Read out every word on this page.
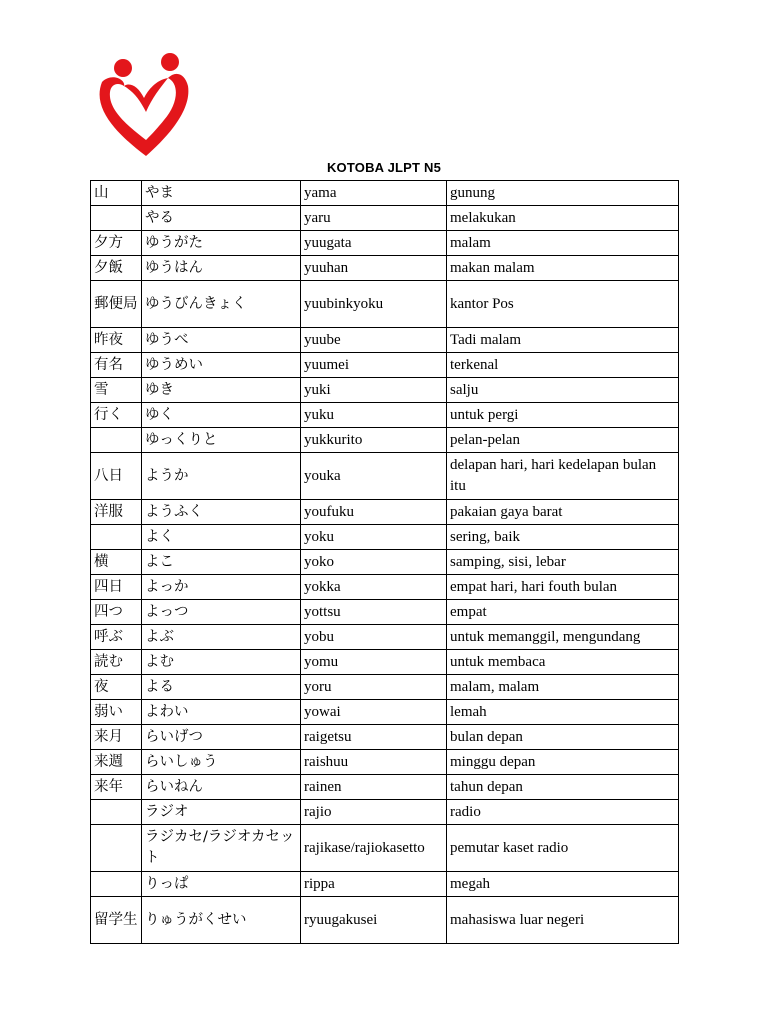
KOTOBA JLPT N5
山	やま	yama	gunung
	やる	yaru	melakukan
夕方	ゆうがた	yuugata	malam
夕飯	ゆうはん	yuuhan	makan malam
郵便局	ゆうびんきょく	yuubinkyoku	kantor Pos
昨夜	ゆうべ	yuube	Tadi malam
有名	ゆうめい	yuumei	terkenal
雪	ゆき	yuki	salju
行く	ゆく	yuku	untuk pergi
	ゆっくりと	yukkurito	pelan-pelan
八日	ようか	youka	delapan hari, hari kedelapan bulan itu
洋服	ようふく	youfuku	pakaian gaya barat
	よく	yoku	sering, baik
横	よこ	yoko	samping, sisi, lebar
四日	よっか	yokka	empat hari, hari fouth bulan
四つ	よっつ	yottsu	empat
呼ぶ	よぶ	yobu	untuk memanggil, mengundang
読む	よむ	yomu	untuk membaca
夜	よる	yoru	malam, malam
弱い	よわい	yowai	lemah
来月	らいげつ	raigetsu	bulan depan
来週	らいしゅう	raishuu	minggu depan
来年	らいねん	rainen	tahun depan
	ラジオ	rajio	radio
	ラジカセ/ラジオカセット	rajikase/rajiokasetto	pemutar kaset radio
	りっぱ	rippa	megah
留学生	りゅうがくせい	ryuugakusei	mahasiswa luar negeri
